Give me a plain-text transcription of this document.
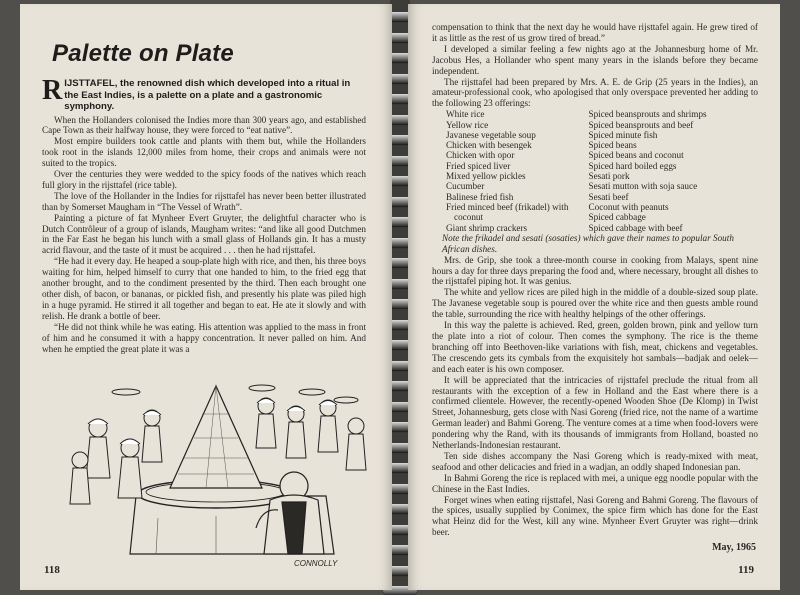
Palette on Plate

RIJSTTAFEL, the renowned dish which developed into a ritual in the East Indies, is a palette on a plate and a gastronomic symphony.

When the Hollanders colonised the Indies more than 300 years ago, and established Cape Town as their halfway house, they were forced to “eat native”.

Most empire builders took cattle and plants with them but, while the Hollanders took root in the islands 12,000 miles from home, their crops and animals were not suited to the tropics.

Over the centuries they were wedded to the spicy foods of the natives which reach full glory in the rijsttafel (rice table).

The love of the Hollander in the Indies for rijsttafel has never been better illustrated than by Somerset Maugham in “The Vessel of Wrath”.

Painting a picture of fat Mynheer Evert Gruyter, the delightful character who is Dutch Contrôleur of a group of islands, Maugham writes: “and like all good Dutchmen in the Far East he began his lunch with a small glass of Hollands gin. It has a musty acrid flavour, and the taste of it must be acquired . . . then he had rijsttafel.

“He had it every day. He heaped a soup-plate high with rice, and then, his three boys waiting for him, helped himself to curry that one handed to him, to the fried egg that another brought, and to the condiment presented by the third. Then each brought one other dish, of bacon, or bananas, or pickled fish, and presently his plate was piled high in a huge pyramid. He stirred it all together and began to eat. He ate it slowly and with relish. He drank a bottle of beer.

“He did not think while he was eating. His attention was applied to the mass in front of him and he consumed it with a happy concentration. It never palled on him. And when he emptied the great plate it was a

CONNOLLY
118

compensation to think that the next day he would have rijsttafel again. He grew tired of it as little as the rest of us grow tired of bread.”

I developed a similar feeling a few nights ago at the Johannesburg home of Mr. Jacobus Hes, a Hollander who spent many years in the islands before they became independent.

The rijsttafel had been prepared by Mrs. A. E. de Grip (25 years in the Indies), an amateur-professional cook, who apologised that only overspace prevented her adding to the following 23 offerings:

White rice	Spiced beansprouts and shrimps
Yellow rice	Spiced beansprouts and beef
Javanese vegetable soup	Spiced minute fish
Chicken with besengek	Spiced beans
Chicken with opor	Spiced beans and coconut
Fried spiced liver	Spiced hard boiled eggs
Mixed yellow pickles	Sesati pork
Cucumber	Sesati mutton with soja sauce
Balinese fried fish	Sesati beef
Fried minced beef (frikadel) with	Coconut with peanuts
coconut	Spiced cabbage
Giant shrimp crackers	Spiced cabbage with beef

Note the frikadel and sesati (sosaties) which gave their names to popular South African dishes.

Mrs. de Grip, she took a three-month course in cooking from Malays, spent nine hours a day for three days preparing the food and, where necessary, brought all dishes to the rijsttafel piping hot. It was genius.

The white and yellow rices are piled high in the middle of a double-sized soup plate. The Javanese vegetable soup is poured over the white rice and then guests amble round the table, surrounding the rice with healthy helpings of the other offerings.

In this way the palette is achieved. Red, green, golden brown, pink and yellow turn the plate into a riot of colour. Then comes the symphony. The rice is the theme branching off into Beethoven-like variations with fish, meat, chickens and vegetables. The crescendo gets its cymbals from the exquisitely hot sambals—badjak and oelek—and each eater is his own composer.

It will be appreciated that the intricacies of rijsttafel preclude the ritual from all restaurants with the exception of a few in Holland and the East where there is a confirmed clientele. However, the recently-opened Wooden Shoe (De Klomp) in Twist Street, Johannesburg, gets close with Nasi Goreng (fried rice, not the name of a wartime German leader) and Bahmi Goreng. The venture comes at a time when food-lovers were pondering why the Rand, with its thousands of immigrants from Holland, boasted no Netherlands-Indonesian restaurant.

Ten side dishes accompany the Nasi Goreng which is ready-mixed with meat, seafood and other delicacies and fried in a wadjan, an oddly shaped Indonesian pan.

In Bahmi Goreng the rice is replaced with mei, a unique egg noodle popular with the Chinese in the East Indies.

Forget wines when eating rijsttafel, Nasi Goreng and Bahmi Goreng. The flavours of the spices, usually supplied by Conimex, the spice firm which has done for the East what Heinz did for the West, kill any wine. Mynheer Evert Gruyter was right—drink beer.

May, 1965
119
